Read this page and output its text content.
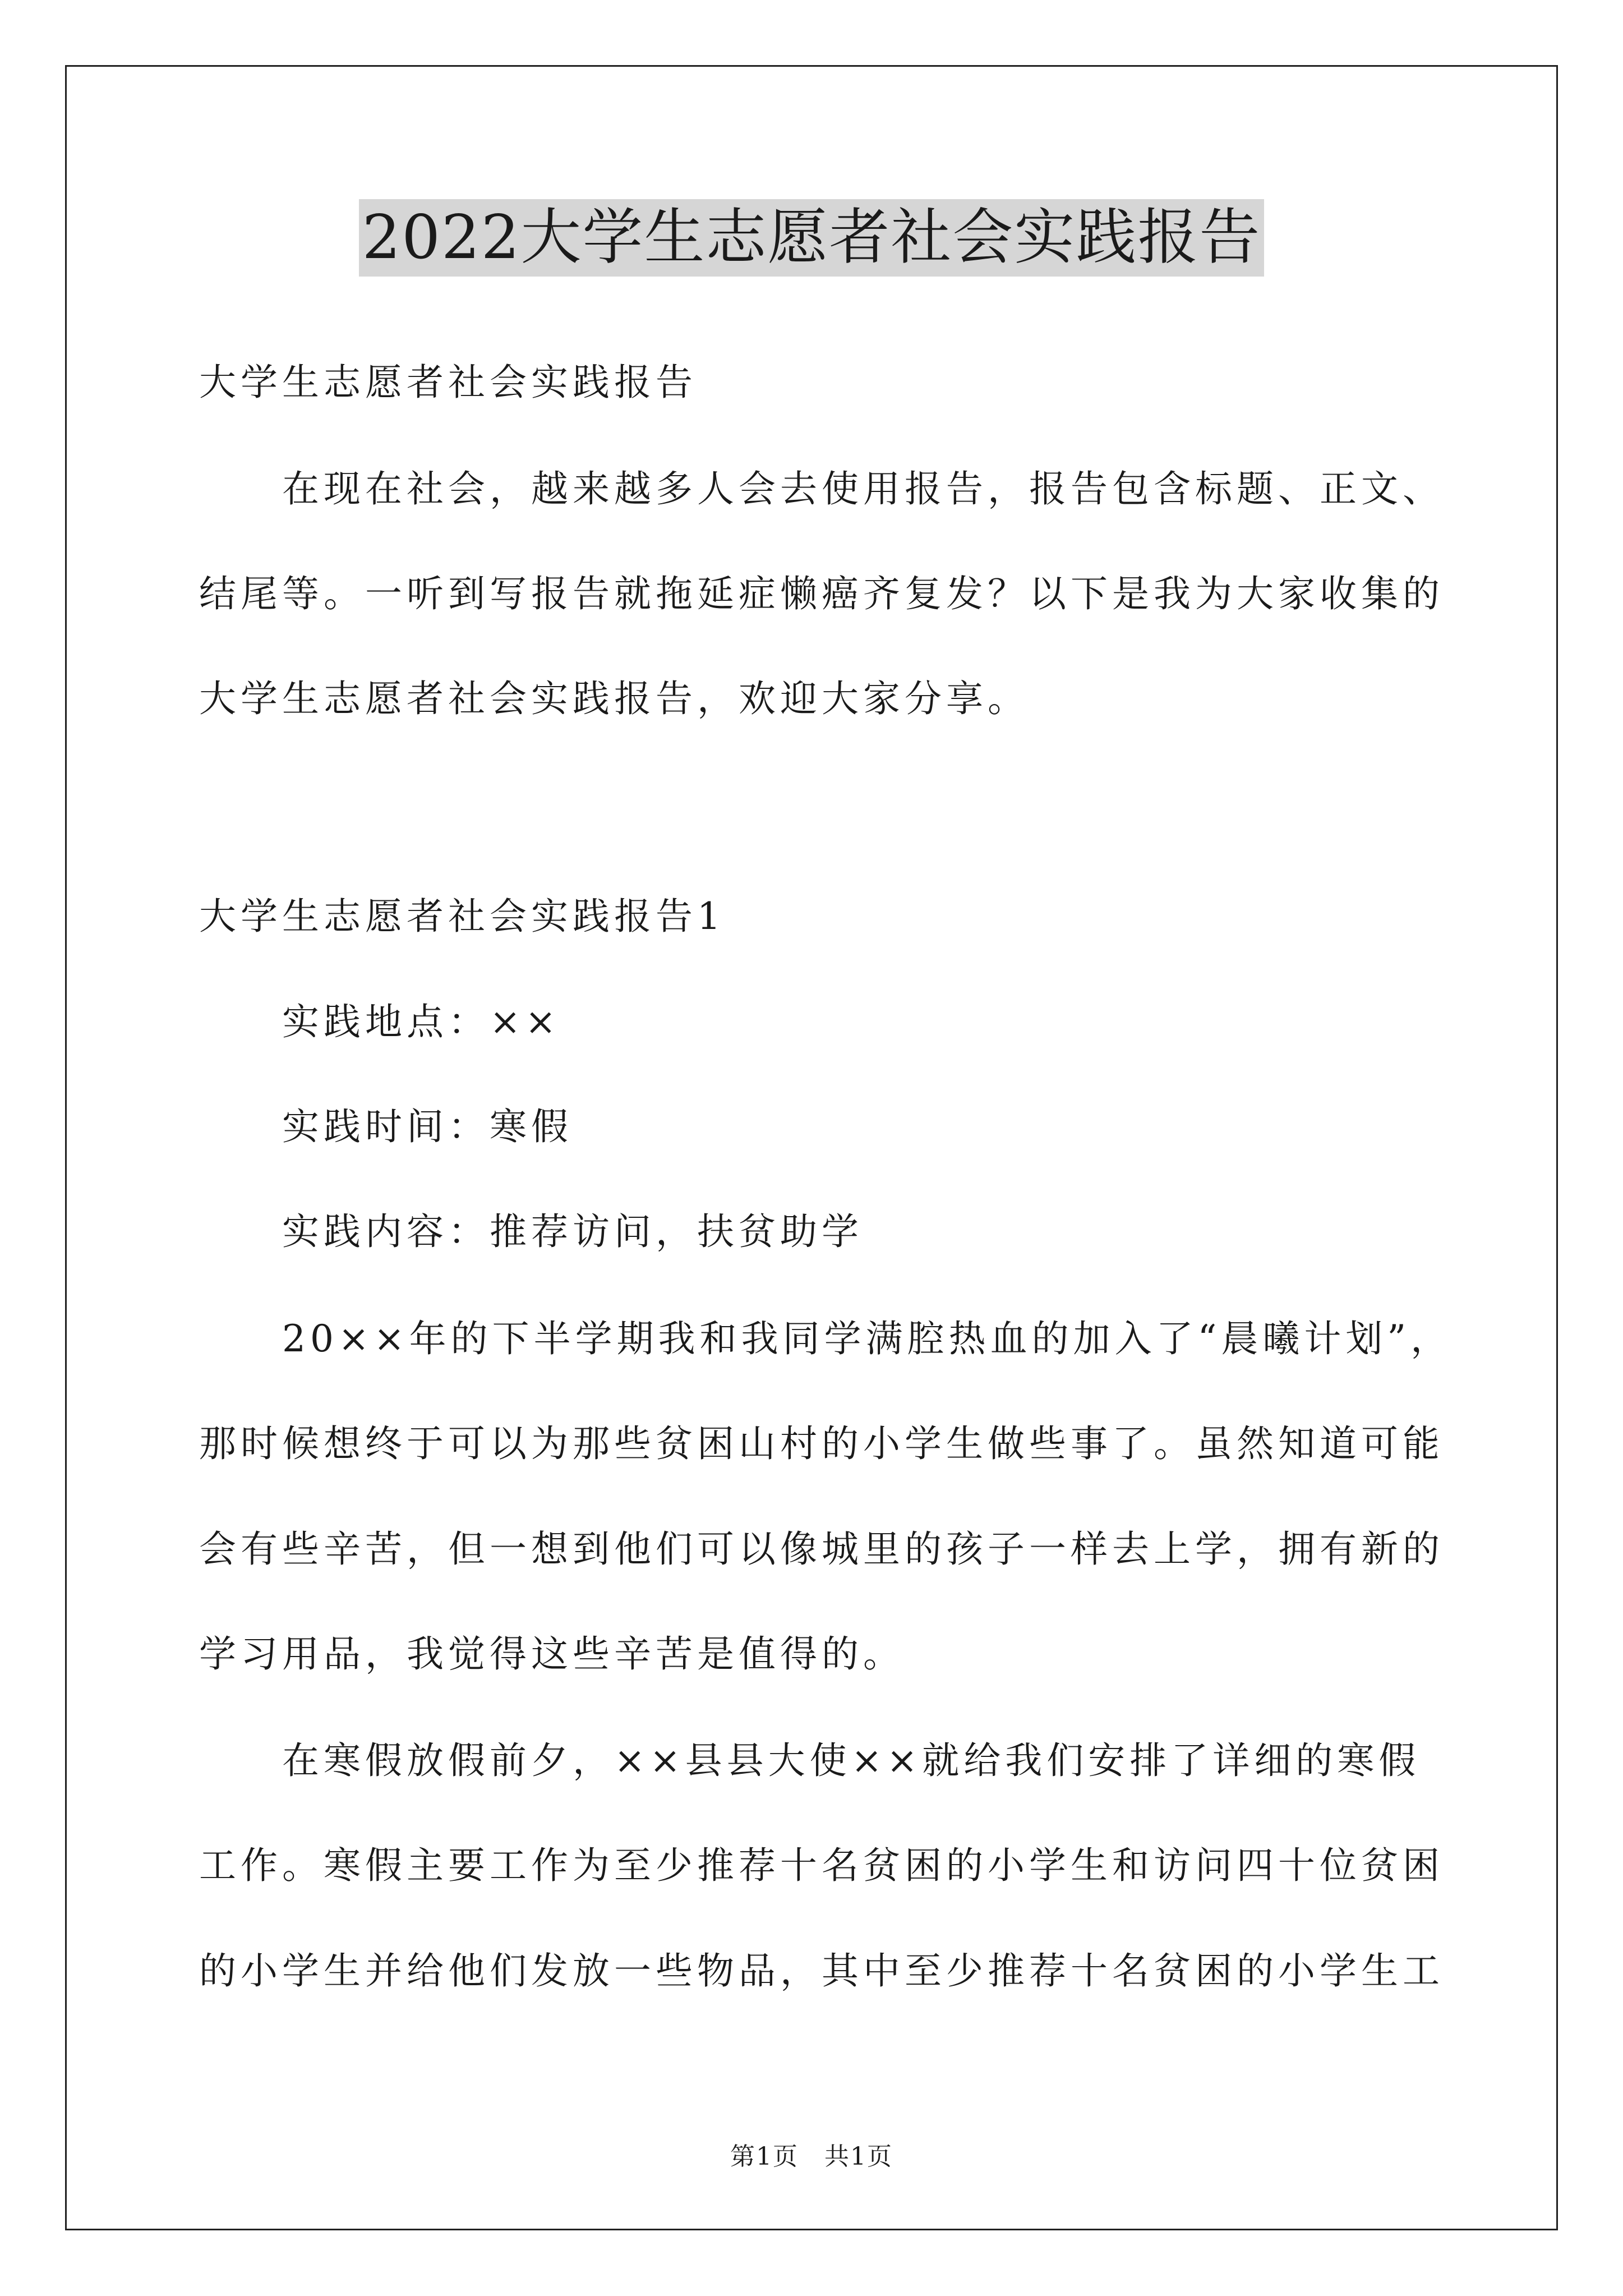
2022大学生志愿者社会实践报告
大学生志愿者社会实践报告
在现在社会，越来越多人会去使用报告，报告包含标题、正文、
结尾等。一听到写报告就拖延症懒癌齐复发？以下是我为大家收集的
大学生志愿者社会实践报告，欢迎大家分享。
大学生志愿者社会实践报告1
实践地点：××
实践时间：寒假
实践内容：推荐访问，扶贫助学
20××年的下半学期我和我同学满腔热血的加入了“晨曦计划”，
那时候想终于可以为那些贫困山村的小学生做些事了。虽然知道可能
会有些辛苦，但一想到他们可以像城里的孩子一样去上学，拥有新的
学习用品，我觉得这些辛苦是值得的。
在寒假放假前夕，××县县大使××就给我们安排了详细的寒假
工作。寒假主要工作为至少推荐十名贫困的小学生和访问四十位贫困
的小学生并给他们发放一些物品，其中至少推荐十名贫困的小学生工
第1页　共1页
